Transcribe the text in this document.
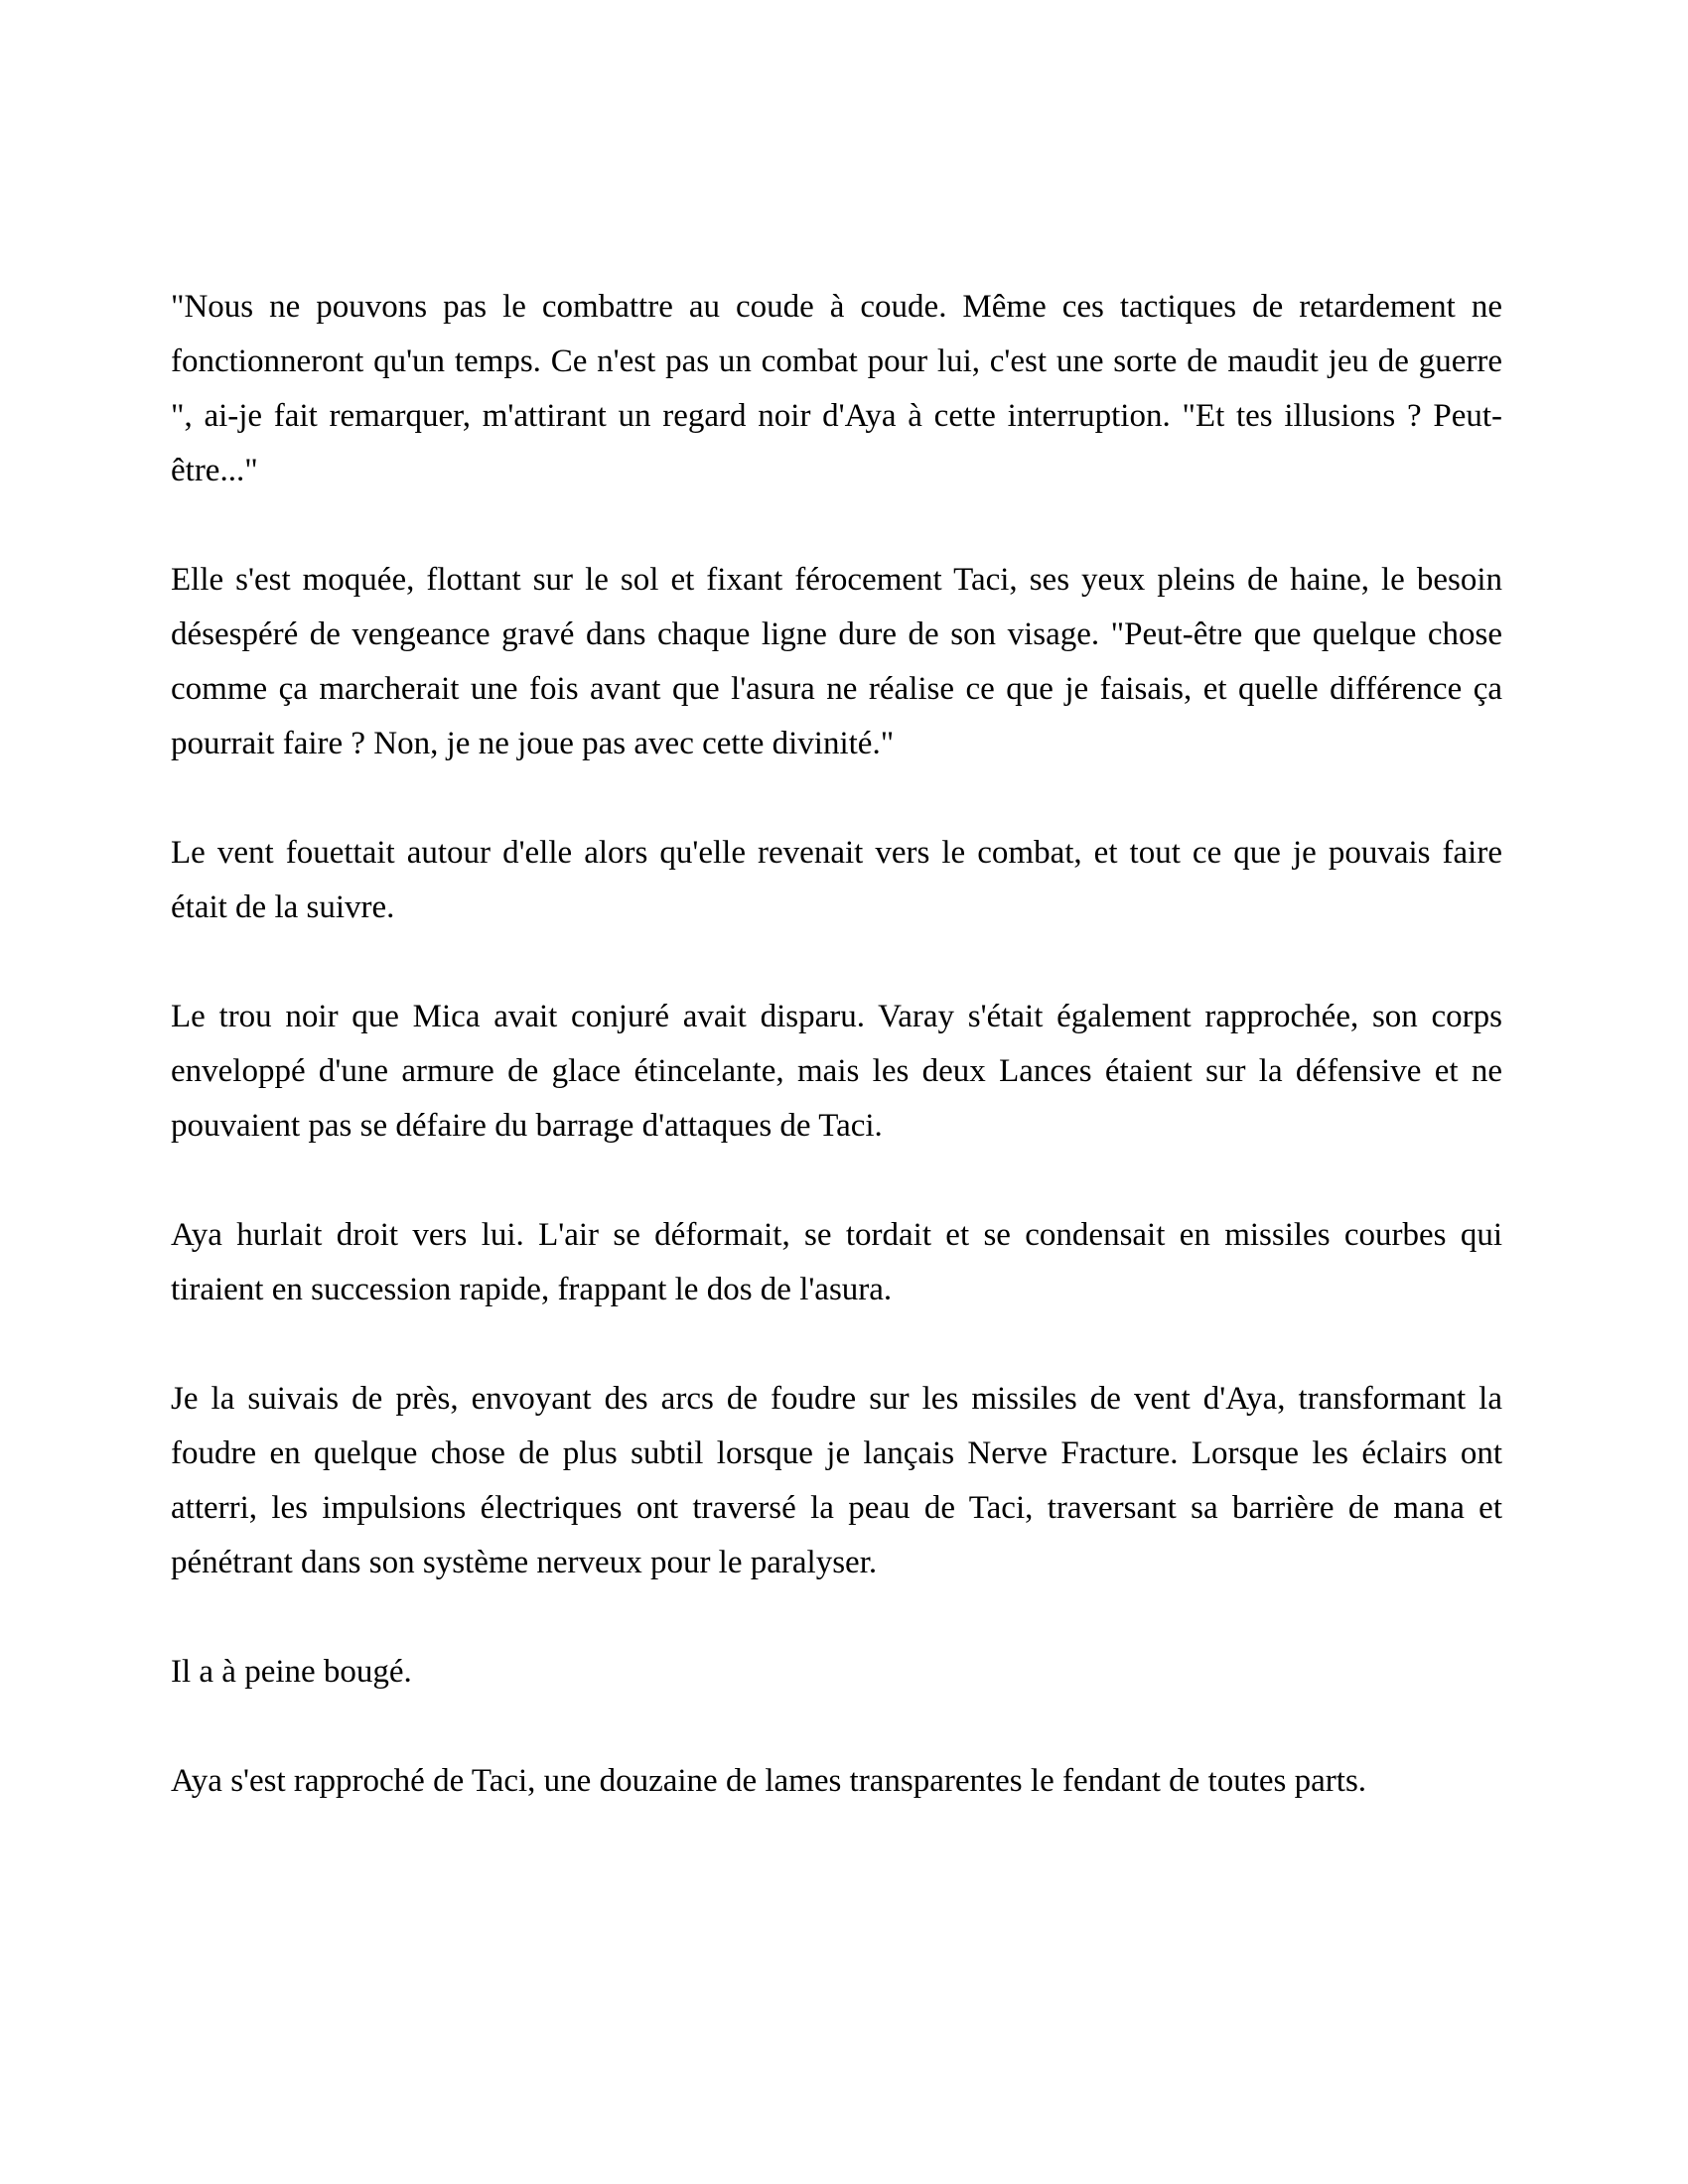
"Nous ne pouvons pas le combattre au coude à coude. Même ces tactiques de retardement ne fonctionneront qu'un temps. Ce n'est pas un combat pour lui, c'est une sorte de maudit jeu de guerre ", ai-je fait remarquer, m'attirant un regard noir d'Aya à cette interruption. "Et tes illusions ? Peut-être..."

Elle s'est moquée, flottant sur le sol et fixant férocement Taci, ses yeux pleins de haine, le besoin désespéré de vengeance gravé dans chaque ligne dure de son visage. "Peut-être que quelque chose comme ça marcherait une fois avant que l'asura ne réalise ce que je faisais, et quelle différence ça pourrait faire ? Non, je ne joue pas avec cette divinité."

Le vent fouettait autour d'elle alors qu'elle revenait vers le combat, et tout ce que je pouvais faire était de la suivre.

Le trou noir que Mica avait conjuré avait disparu. Varay s'était également rapprochée, son corps enveloppé d'une armure de glace étincelante, mais les deux Lances étaient sur la défensive et ne pouvaient pas se défaire du barrage d'attaques de Taci.

Aya hurlait droit vers lui. L'air se déformait, se tordait et se condensait en missiles courbes qui tiraient en succession rapide, frappant le dos de l'asura.

Je la suivais de près, envoyant des arcs de foudre sur les missiles de vent d'Aya, transformant la foudre en quelque chose de plus subtil lorsque je lançais Nerve Fracture. Lorsque les éclairs ont atterri, les impulsions électriques ont traversé la peau de Taci, traversant sa barrière de mana et pénétrant dans son système nerveux pour le paralyser.

Il a à peine bougé.

Aya s'est rapproché de Taci, une douzaine de lames transparentes le fendant de toutes parts.
